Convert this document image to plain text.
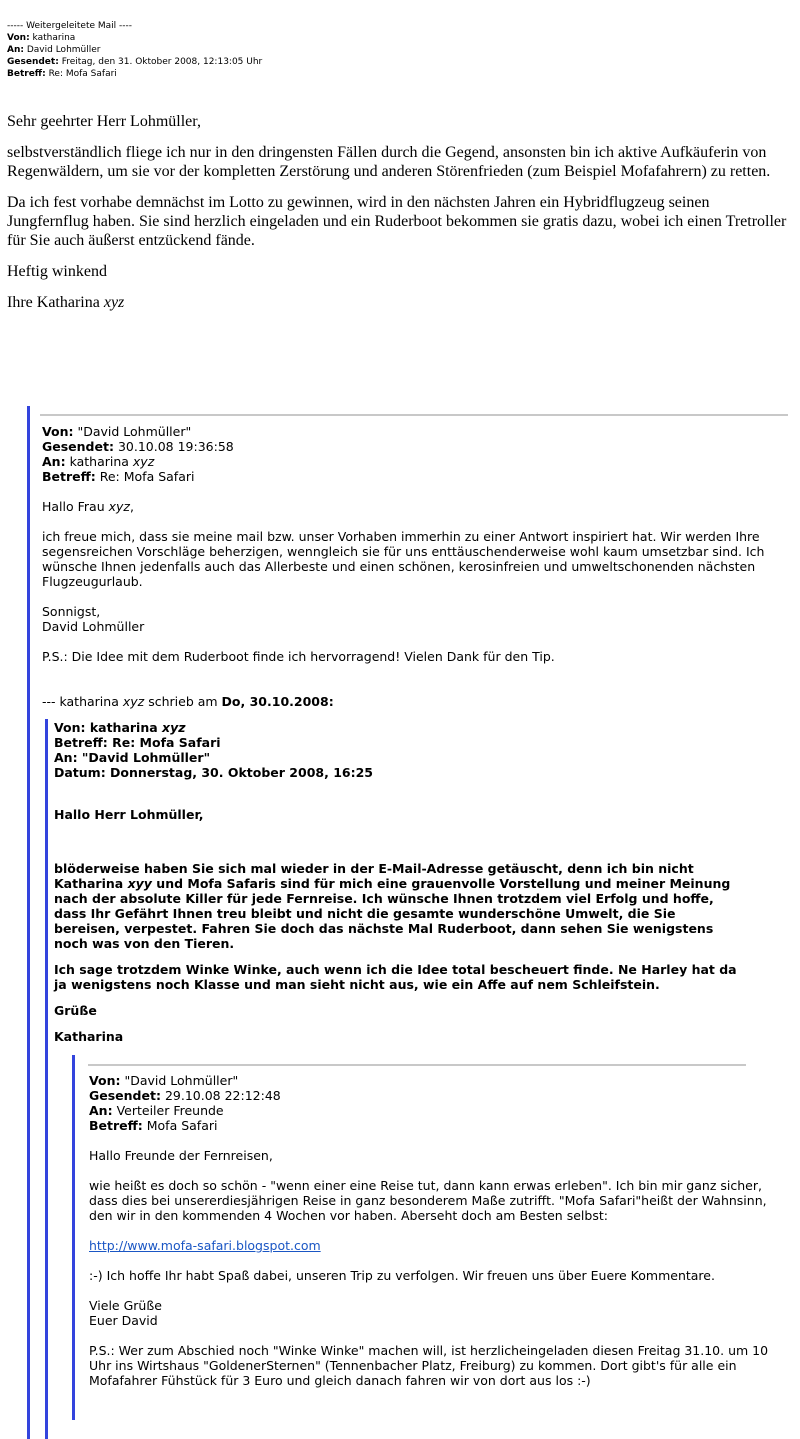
----- Weitergeleitete Mail ----
Von: katharina
An: David Lohmüller
Gesendet: Freitag, den 31. Oktober 2008, 12:13:05 Uhr
Betreff: Re: Mofa Safari

Sehr geehrter Herr Lohmüller,

selbstverständlich fliege ich nur in den dringensten Fällen durch die Gegend, ansonsten bin ich aktive Aufkäuferin von Regenwäldern, um sie vor der kompletten Zerstörung und anderen Störenfrieden (zum Beispiel Mofafahrern) zu retten.

Da ich fest vorhabe demnächst im Lotto zu gewinnen, wird in den nächsten Jahren ein Hybridflugzeug seinen Jungfernflug haben. Sie sind herzlich eingeladen und ein Ruderboot bekommen sie gratis dazu, wobei ich einen Tretroller für Sie auch äußerst entzückend fände.

Heftig winkend

Ihre Katharina xyz

Von: "David Lohmüller"

Gesendet: 30.10.08 19:36:58

An: katharina xyz

Betreff: Re: Mofa Safari

Hallo Frau xyz,

ich freue mich, dass sie meine mail bzw. unser Vorhaben immerhin zu einer Antwort inspiriert hat. Wir werden Ihre segensreichen Vorschläge beherzigen, wenngleich sie für uns enttäuschenderweise wohl kaum umsetzbar sind. Ich wünsche Ihnen jedenfalls auch das Allerbeste und einen schönen, kerosinfreien und umweltschonenden nächsten Flugzeugurlaub.

Sonnigst,

David Lohmüller

P.S.: Die Idee mit dem Ruderboot finde ich hervorragend! Vielen Dank für den Tip.

--- katharina xyz schrieb am Do, 30.10.2008:

Von: katharina xyz

Betreff: Re: Mofa Safari

An: "David Lohmüller"

Datum: Donnerstag, 30. Oktober 2008, 16:25

Hallo Herr Lohmüller,

blöderweise haben Sie sich mal wieder in der E-Mail-Adresse getäuscht, denn ich bin nicht Katharina xyy und Mofa Safaris sind für mich eine grauenvolle Vorstellung und meiner Meinung nach der absolute Killer für jede Fernreise. Ich wünsche Ihnen trotzdem viel Erfolg und hoffe, dass Ihr Gefährt Ihnen treu bleibt und nicht die gesamte wunderschöne Umwelt, die Sie bereisen, verpestet. Fahren Sie doch das nächste Mal Ruderboot, dann sehen Sie wenigstens noch was von den Tieren.

Ich sage trotzdem Winke Winke, auch wenn ich die Idee total bescheuert finde. Ne Harley hat da ja wenigstens noch Klasse und man sieht nicht aus, wie ein Affe auf nem Schleifstein.

Grüße

Katharina

Von: "David Lohmüller"

Gesendet: 29.10.08 22:12:48

An: Verteiler Freunde

Betreff: Mofa Safari

Hallo Freunde der Fernreisen,

wie heißt es doch so schön - "wenn einer eine Reise tut, dann kann erwas erleben". Ich bin mir ganz sicher, dass dies bei unsererdiesjährigen Reise in ganz besonderem Maße zutrifft. "Mofa Safari"heißt der Wahnsinn, den wir in den kommenden 4 Wochen vor haben. Aberseht doch am Besten selbst:

http://www.mofa-safari.blogspot.com

:-) Ich hoffe Ihr habt Spaß dabei, unseren Trip zu verfolgen. Wir freuen uns über Euere Kommentare.

Viele Grüße

Euer David

P.S.: Wer zum Abschied noch "Winke Winke" machen will, ist herzlicheingeladen diesen Freitag 31.10. um 10 Uhr ins Wirtshaus "GoldenerSternen" (Tennenbacher Platz, Freiburg) zu kommen. Dort gibt's für alle ein Mofafahrer Fühstück für 3 Euro und gleich danach fahren wir von dort aus los :-)
